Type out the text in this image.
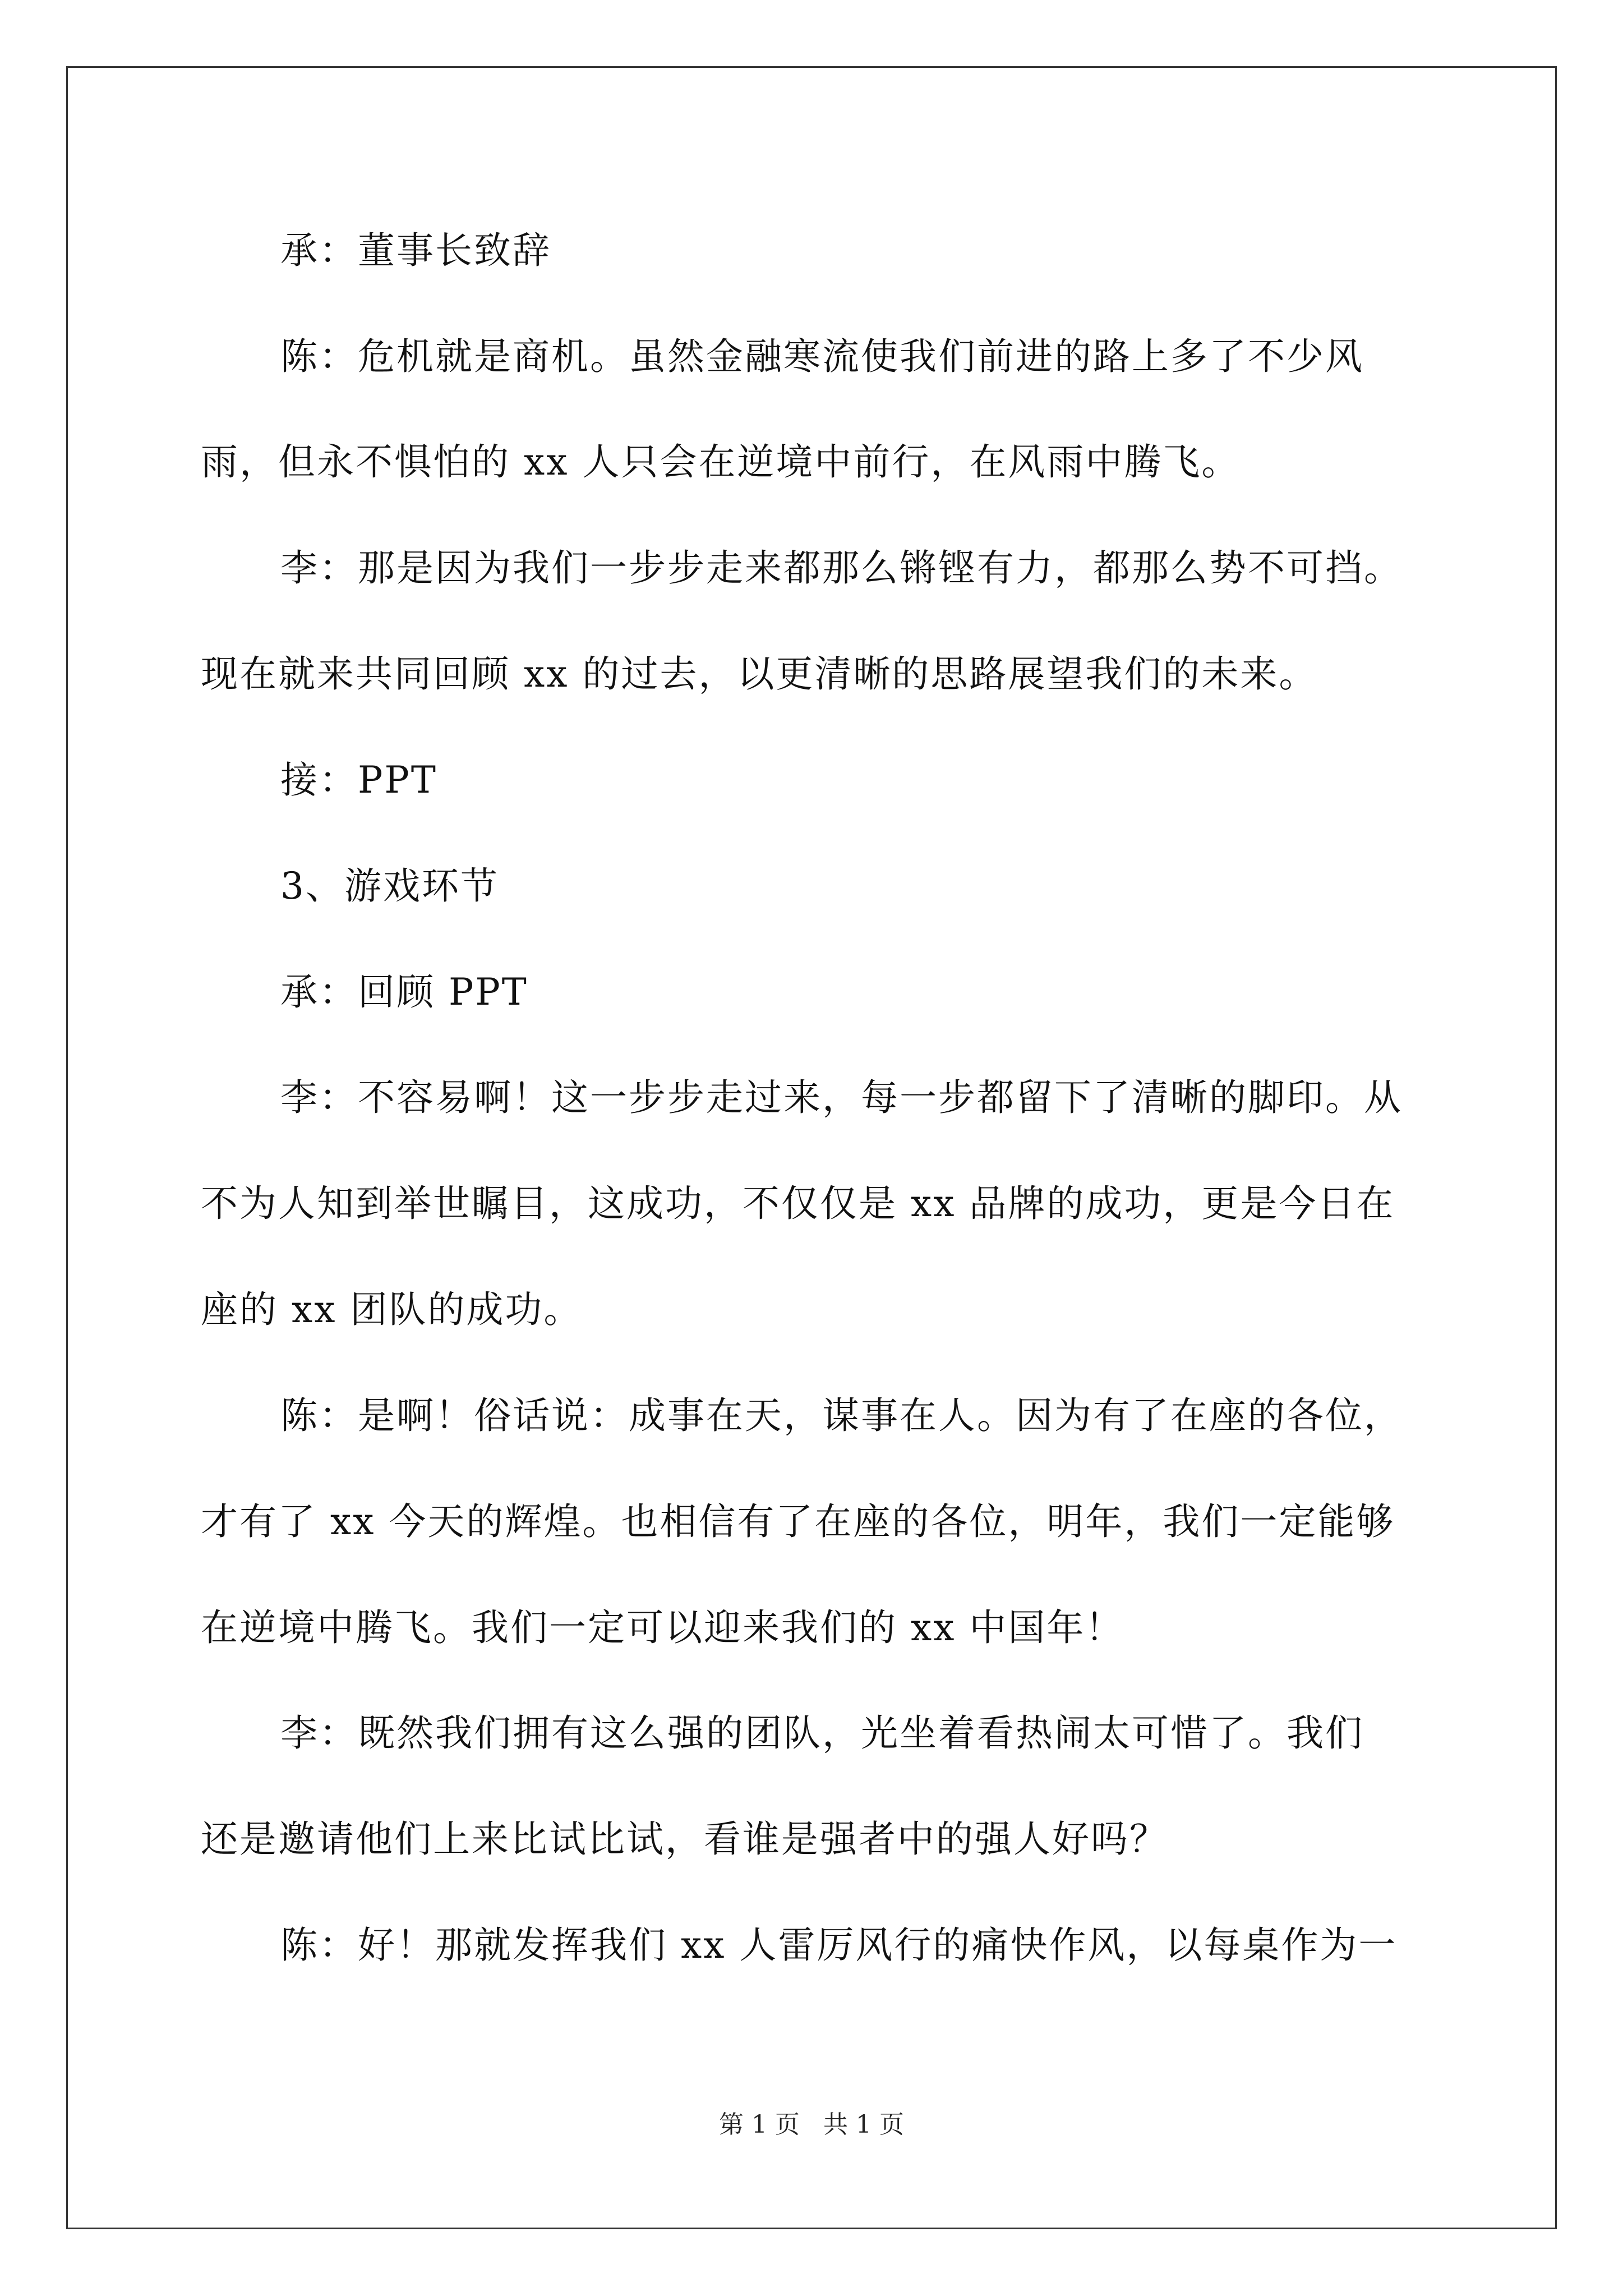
承：董事长致辞
陈：危机就是商机。虽然金融寒流使我们前进的路上多了不少风
雨，但永不惧怕的 xx 人只会在逆境中前行，在风雨中腾飞。
李：那是因为我们一步步走来都那么锵铿有力，都那么势不可挡。
现在就来共同回顾 xx 的过去，以更清晰的思路展望我们的未来。
接：PPT
3、游戏环节
承：回顾 PPT
李：不容易啊！这一步步走过来，每一步都留下了清晰的脚印。从
不为人知到举世瞩目，这成功，不仅仅是 xx 品牌的成功，更是今日在
座的 xx 团队的成功。
陈：是啊！俗话说：成事在天，谋事在人。因为有了在座的各位，
才有了 xx 今天的辉煌。也相信有了在座的各位，明年，我们一定能够
在逆境中腾飞。我们一定可以迎来我们的 xx 中国年！
李：既然我们拥有这么强的团队，光坐着看热闹太可惜了。我们
还是邀请他们上来比试比试，看谁是强者中的强人好吗？
陈：好！那就发挥我们 xx 人雷厉风行的痛快作风，以每桌作为一
第 1 页   共 1 页
